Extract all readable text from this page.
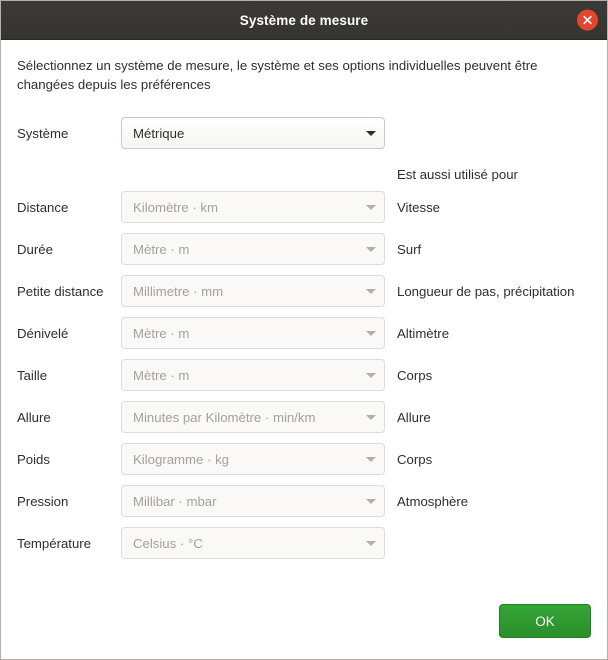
Système de mesure

Sélectionnez un système de mesure, le système et ses options individuelles peuvent être changées depuis les préférences

Système	Métrique
Est aussi utilisé pour
Distance	Kilomètre · km	Vitesse
Durée	Mètre · m	Surf
Petite distance	Millimetre · mm	Longueur de pas, précipitation
Dénivelé	Mètre · m	Altimètre
Taille	Mètre · m	Corps
Allure	Minutes par Kilomètre · min/km	Allure
Poids	Kilogramme · kg	Corps
Pression	Millibar · mbar	Atmosphère
Température	Celsius · °C
OK
